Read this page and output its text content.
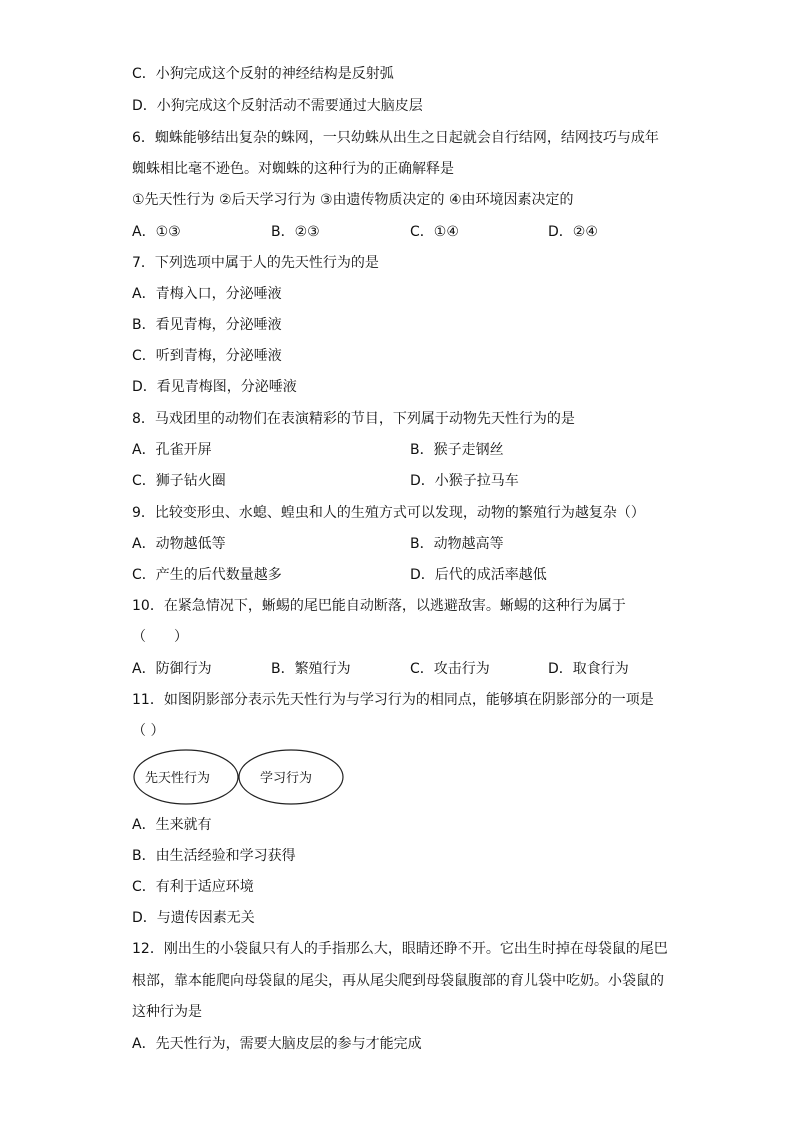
C．小狗完成这个反射的神经结构是反射弧
D．小狗完成这个反射活动不需要通过大脑皮层
6．蜘蛛能够结出复杂的蛛网，一只幼蛛从出生之日起就会自行结网，结网技巧与成年
蜘蛛相比毫不逊色。对蜘蛛的这种行为的正确解释是
①先天性行为 ②后天学习行为 ③由遗传物质决定的 ④由环境因素决定的
A．①③	B．②③	C．①④	D．②④
7．下列选项中属于人的先天性行为的是
A．青梅入口，分泌唾液
B．看见青梅，分泌唾液
C．听到青梅，分泌唾液
D．看见青梅图，分泌唾液
8．马戏团里的动物们在表演精彩的节目，下列属于动物先天性行为的是
A．孔雀开屏	B．猴子走钢丝
C．狮子钻火圈	D．小猴子拉马车
9．比较变形虫、水螅、蝗虫和人的生殖方式可以发现，动物的繁殖行为越复杂（）
A．动物越低等	B．动物越高等
C．产生的后代数量越多	D．后代的成活率越低
10．在紧急情况下，蜥蜴的尾巴能自动断落，以逃避敌害。蜥蜴的这种行为属于
（　　）
A．防御行为	B．繁殖行为	C．攻击行为	D．取食行为
11．如图阴影部分表示先天性行为与学习行为的相同点，能够填在阴影部分的一项是
（ ）
先天性行为	学习行为
A．生来就有
B．由生活经验和学习获得
C．有利于适应环境
D．与遗传因素无关
12．刚出生的小袋鼠只有人的手指那么大，眼睛还睁不开。它出生时掉在母袋鼠的尾巴
根部，靠本能爬向母袋鼠的尾尖，再从尾尖爬到母袋鼠腹部的育儿袋中吃奶。小袋鼠的
这种行为是
A．先天性行为，需要大脑皮层的参与才能完成
